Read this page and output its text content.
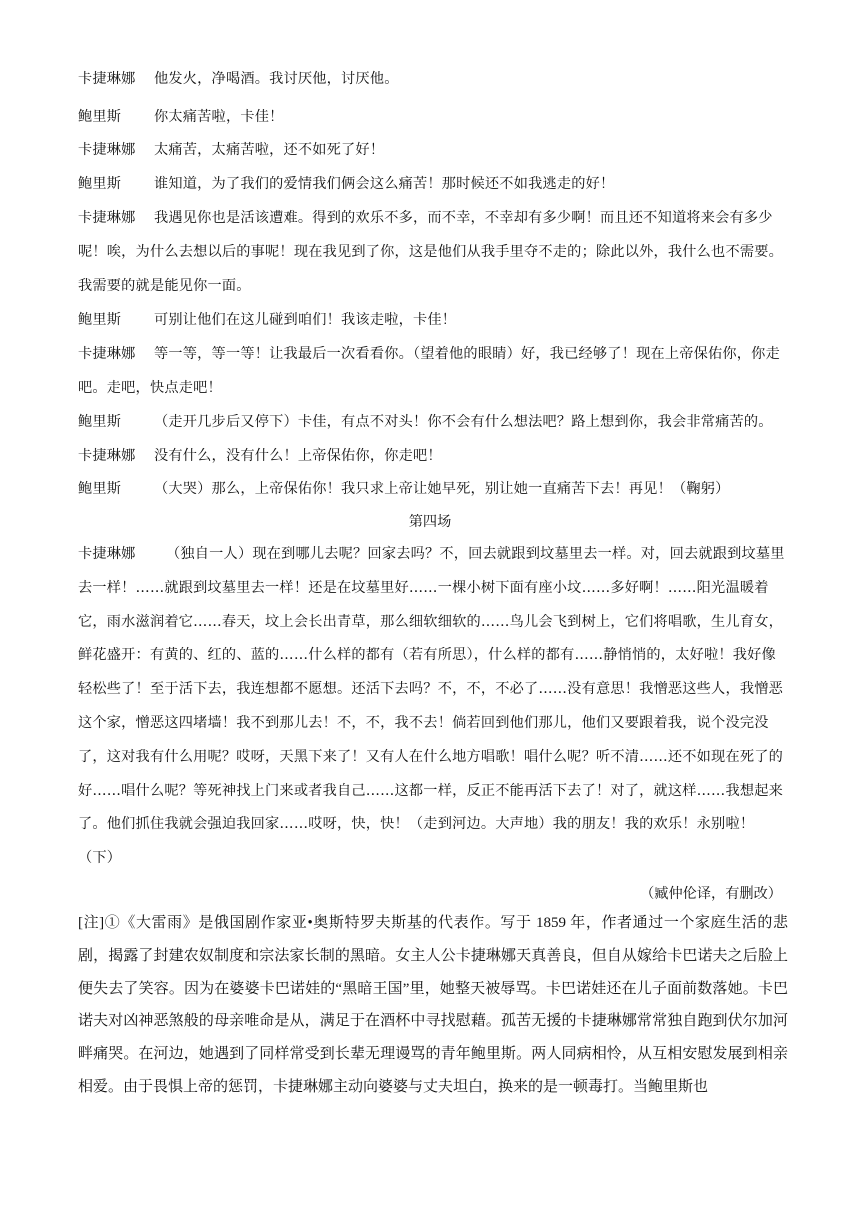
卡捷琳娜 他发火，净喝酒。我讨厌他，讨厌他。

鲍里斯 你太痛苦啦，卡佳！

卡捷琳娜 太痛苦，太痛苦啦，还不如死了好！

鲍里斯 谁知道，为了我们的爱情我们俩会这么痛苦！那时候还不如我逃走的好！

卡捷琳娜 我遇见你也是活该遭难。得到的欢乐不多，而不幸，不幸却有多少啊！而且还不知道将来会有多少呢！唉，为什么去想以后的事呢！现在我见到了你，这是他们从我手里夺不走的；除此以外，我什么也不需要。我需要的就是能见你一面。

鲍里斯 可别让他们在这儿碰到咱们！我该走啦，卡佳！

卡捷琳娜 等一等，等一等！让我最后一次看看你。（望着他的眼睛）好，我已经够了！现在上帝保佑你，你走吧。走吧，快点走吧！

鲍里斯 （走开几步后又停下）卡佳，有点不对头！你不会有什么想法吧？路上想到你，我会非常痛苦的。

卡捷琳娜 没有什么，没有什么！上帝保佑你，你走吧！

鲍里斯 （大哭）那么，上帝保佑你！我只求上帝让她早死，别让她一直痛苦下去！再见！（鞠躬）

第四场

卡捷琳娜 （独自一人）现在到哪儿去呢？回家去吗？不，回去就跟到坟墓里去一样。对，回去就跟到坟墓里去一样！……就跟到坟墓里去一样！还是在坟墓里好……一棵小树下面有座小坟……多好啊！……阳光温暖着它，雨水滋润着它……春天，坟上会长出青草，那么细软细软的……鸟儿会飞到树上，它们将唱歌，生儿育女，鲜花盛开：有黄的、红的、蓝的……什么样的都有（若有所思），什么样的都有……静悄悄的，太好啦！我好像轻松些了！至于活下去，我连想都不愿想。还活下去吗？不，不，不必了……没有意思！我憎恶这些人，我憎恶这个家，憎恶这四堵墙！我不到那儿去！不，不，我不去！倘若回到他们那儿，他们又要跟着我，说个没完没了，这对我有什么用呢？哎呀，天黑下来了！又有人在什么地方唱歌！唱什么呢？听不清……还不如现在死了的好……唱什么呢？等死神找上门来或者我自己……这都一样，反正不能再活下去了！对了，就这样……我想起来了。他们抓住我就会强迫我回家……哎呀，快，快！（走到河边。大声地）我的朋友！我的欢乐！永别啦！（下）

（臧仲伦译，有删改）

[注]①《大雷雨》是俄国剧作家亚•奥斯特罗夫斯基的代表作。写于 1859 年，作者通过一个家庭生活的悲剧，揭露了封建农奴制度和宗法家长制的黑暗。女主人公卡捷琳娜天真善良，但自从嫁给卡巴诺夫之后脸上便失去了笑容。因为在婆婆卡巴诺娃的“黑暗王国”里，她整天被辱骂。卡巴诺娃还在儿子面前数落她。卡巴诺夫对凶神恶煞般的母亲唯命是从，满足于在酒杯中寻找慰藉。孤苦无援的卡捷琳娜常常独自跑到伏尔加河畔痛哭。在河边，她遇到了同样常受到长辈无理谩骂的青年鲍里斯。两人同病相怜，从互相安慰发展到相亲相爱。由于畏惧上帝的惩罚，卡捷琳娜主动向婆婆与丈夫坦白，换来的是一顿毒打。当鲍里斯也
